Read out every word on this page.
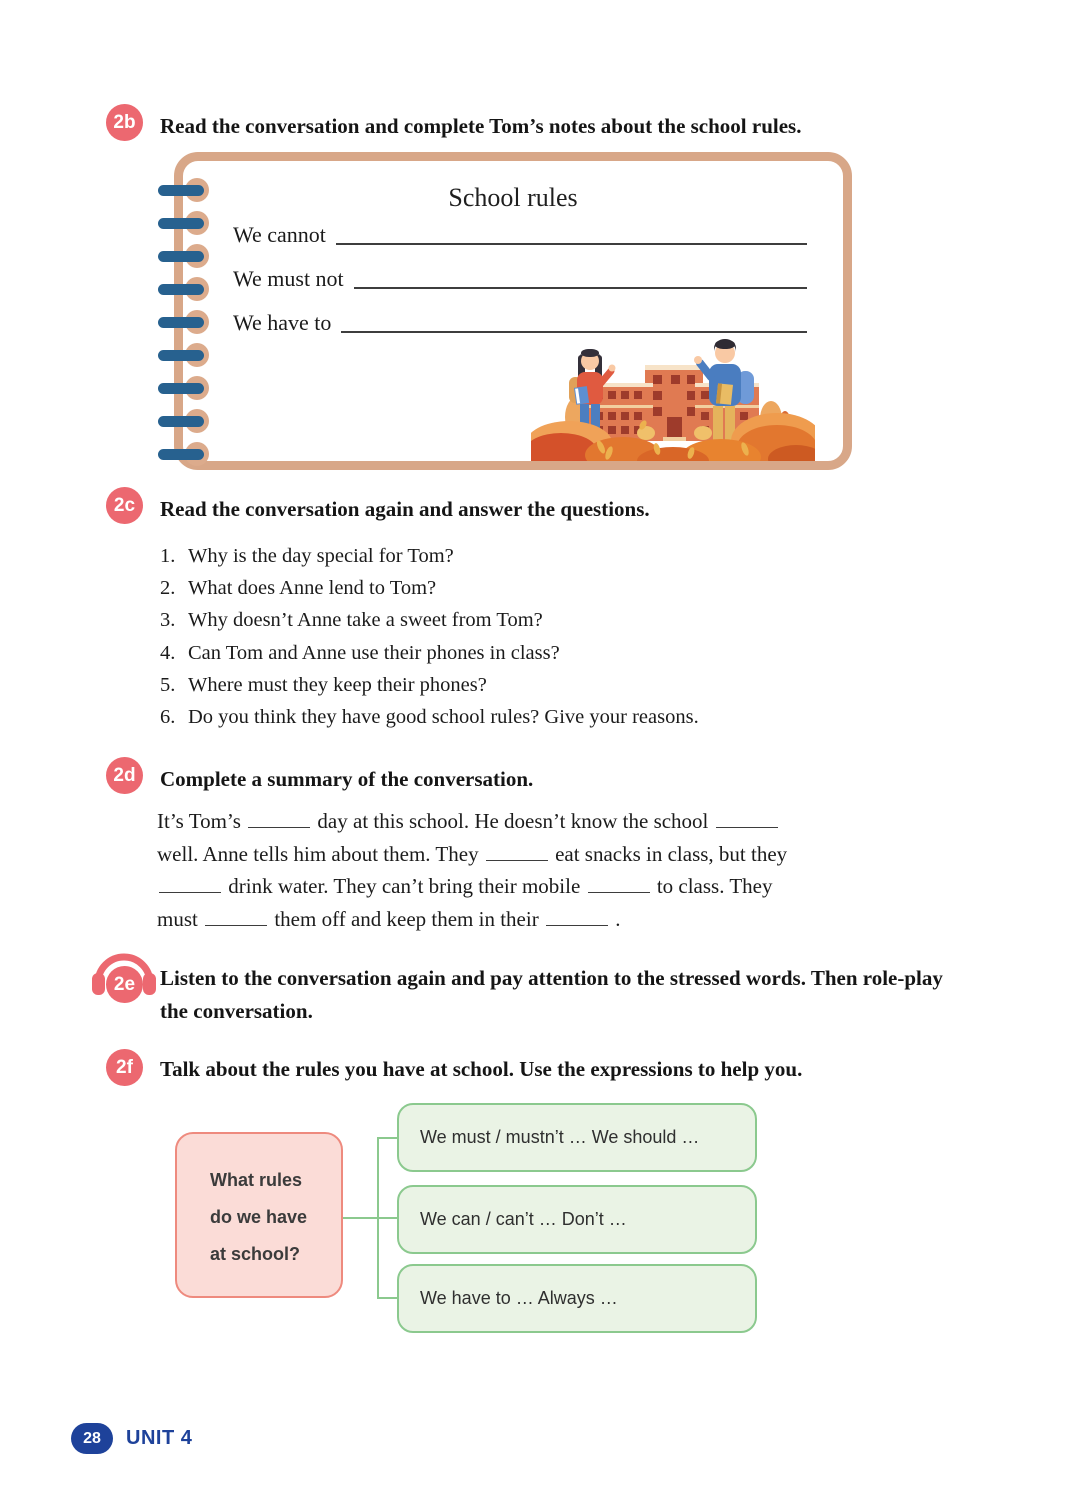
2b	Read the conversation and complete Tom’s notes about the school rules.
School rules
We cannot
We must not
We have to
2c	Read the conversation again and answer the questions.
1. Why is the day special for Tom?
2. What does Anne lend to Tom?
3. Why doesn’t Anne take a sweet from Tom?
4. Can Tom and Anne use their phones in class?
5. Where must they keep their phones?
6. Do you think they have good school rules? Give your reasons.
2d	Complete a summary of the conversation.
It’s Tom’s	day at this school. He doesn’t know the school
well. Anne tells him about them. They	eat snacks in class, but they
drink water. They can’t bring their mobile	to class. They
must	them off and keep them in their	.
2e	Listen to the conversation again and pay attention to the stressed words. Then role-play the conversation.
2f	Talk about the rules you have at school. Use the expressions to help you.
What rules
do we have
at school?
We must / mustn’t … We should …
We can / can’t … Don’t …
We have to … Always …
28	UNIT 4
